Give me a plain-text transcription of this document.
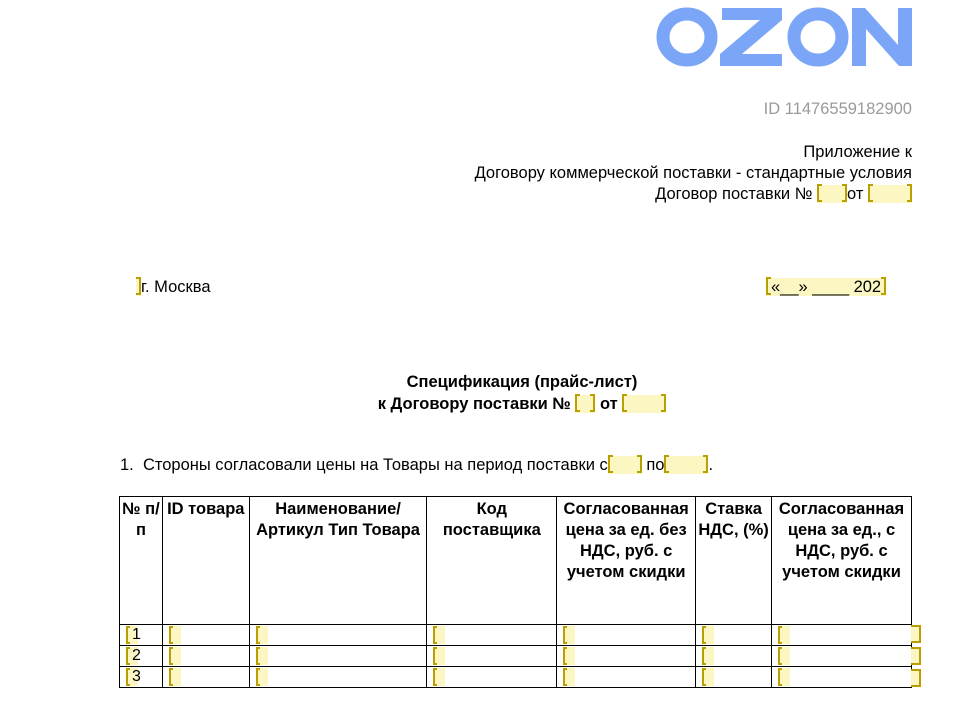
ID 11476559182900
Приложение к
Договору коммерческой поставки - стандартные условия
Договор поставки № от
г. Москва	«__» ____ 202
Спецификация (прайс-лист)
к Договору поставки № от
1. Стороны согласовали цены на Товары на период поставки с по	.
№ п/п	ID товара	Наименование/Артикул Тип Товара	Код поставщика	Согласованная цена за ед. без НДС, руб. с учетом скидки	Ставка НДС, (%)	Согласованная цена за ед., с НДС, руб. с учетом скидки

1						

2						

3						
